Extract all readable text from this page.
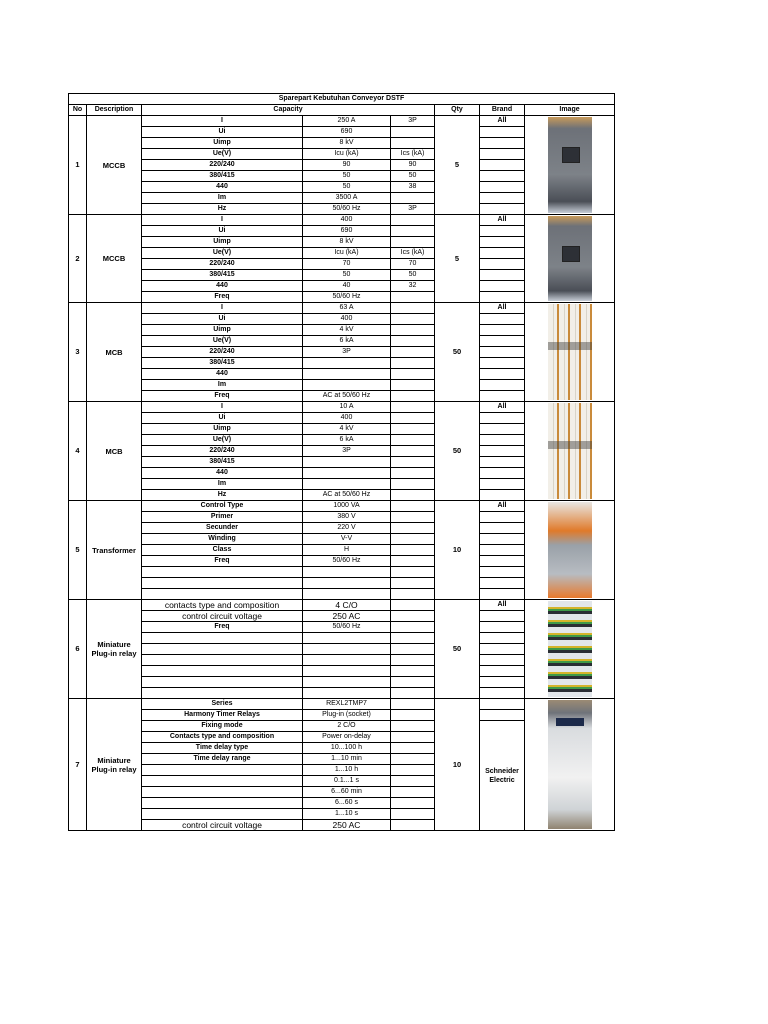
Sparepart Kebutuhan Conveyor DSTF							
No	Description	Capacity			Qty	Brand	Image
1	MCCB	I	250 A	3P	5	All	

		Ui	690				
		Uimp	8 kV				
		Ue(V)	Icu (kA)	Ics (kA)			
		220/240	90	90			
		380/415	50	50			
		440	50	38			
		Im	3500 A				
		Hz	50/60 Hz	3P			
2	MCCB	I	400		5	All	

		Ui	690				
		Uimp	8 kV				
		Ue(V)	Icu (kA)	Ics (kA)			
		220/240	70	70			
		380/415	50	50			
		440	40	32			
		Freq	50/60 Hz				
3	MCB	I	63 A		50	All	

		Ui	400				
		Uimp	4 kV				
		Ue(V)	6 kA				
		220/240	3P				
		380/415					
		440					
		Im					
		Freq	AC at 50/60 Hz				
4	MCB	I	10 A		50	All	

		Ui	400				
		Uimp	4 kV				
		Ue(V)	6 kA				
		220/240	3P				
		380/415					
		440					
		Im					
		Hz	AC at 50/60 Hz				
5	Transformer	Control Type	1000 VA		10	All	

		Primer	380 V				
		Secunder	220 V				
		Winding	V-V				
		Class	H				
		Freq	50/60 Hz				

6	Miniature Plug-in relay	contacts type and composition	4 C/O		50	All	

		control circuit voltage	250 AC				
		Freq	50/60 Hz				

7	Miniature Plug-in relay	Series	REXL2TMP7		10		

		Harmony Timer Relays	Plug-in (socket)				
		Fixing mode	2 C/O			Schneider Electric	
		Contacts type and composition	Power on-delay				
		Time delay type	10...100 h				
		Time delay range	1...10 min				
			1...10 h				
			0.1...1 s				
			6...60 min				
			6...60 s				
			1...10 s				
		control circuit voltage	250 AC				
